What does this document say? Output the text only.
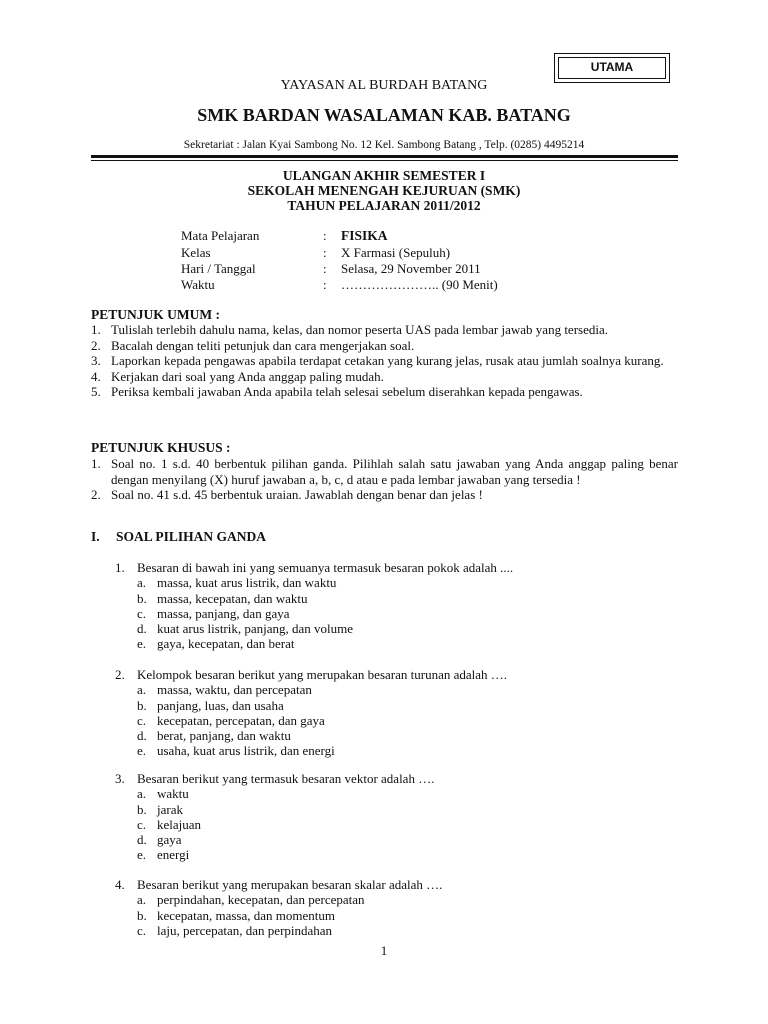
UTAMA
YAYASAN AL BURDAH BATANG
SMK BARDAN WASALAMAN KAB. BATANG
Sekretariat : Jalan Kyai Sambong No. 12 Kel. Sambong Batang , Telp. (0285) 4495214
ULANGAN AKHIR SEMESTER I
SEKOLAH MENENGAH KEJURUAN (SMK)
TAHUN PELAJARAN 2011/2012
Mata Pelajaran	: FISIKA
Kelas	: X Farmasi (Sepuluh)
Hari / Tanggal	: Selasa, 29 November 2011
Waktu	: ………………….. (90 Menit)
PETUNJUK UMUM :
1. Tulislah terlebih dahulu nama, kelas, dan nomor peserta UAS pada lembar jawab yang tersedia.
2. Bacalah dengan teliti petunjuk dan cara mengerjakan soal.
3. Laporkan kepada pengawas apabila terdapat cetakan yang kurang jelas, rusak atau jumlah soalnya kurang.
4. Kerjakan dari soal yang Anda anggap paling mudah.
5. Periksa kembali jawaban Anda apabila telah selesai sebelum diserahkan kepada pengawas.
PETUNJUK KHUSUS :
1. Soal no. 1 s.d. 40 berbentuk pilihan ganda. Pilihlah salah satu jawaban yang Anda anggap paling benar dengan menyilang (X) huruf jawaban a, b, c, d atau e pada lembar jawaban yang tersedia !
2. Soal no. 41 s.d. 45 berbentuk uraian. Jawablah dengan benar dan jelas !
I. SOAL PILIHAN GANDA
1. Besaran di bawah ini yang semuanya termasuk besaran pokok adalah ....
a. massa, kuat arus listrik, dan waktu
b. massa, kecepatan, dan waktu
c. massa, panjang, dan gaya
d. kuat arus listrik, panjang, dan volume
e. gaya, kecepatan, dan berat
2. Kelompok besaran berikut yang merupakan besaran turunan adalah ….
a. massa, waktu, dan percepatan
b. panjang, luas, dan usaha
c. kecepatan, percepatan, dan gaya
d. berat, panjang, dan waktu
e. usaha, kuat arus listrik, dan energi
3. Besaran berikut yang termasuk besaran vektor adalah ….
a. waktu
b. jarak
c. kelajuan
d. gaya
e. energi
4. Besaran berikut yang merupakan besaran skalar adalah ….
a. perpindahan, kecepatan, dan percepatan
b. kecepatan, massa, dan momentum
c. laju, percepatan, dan perpindahan
1
